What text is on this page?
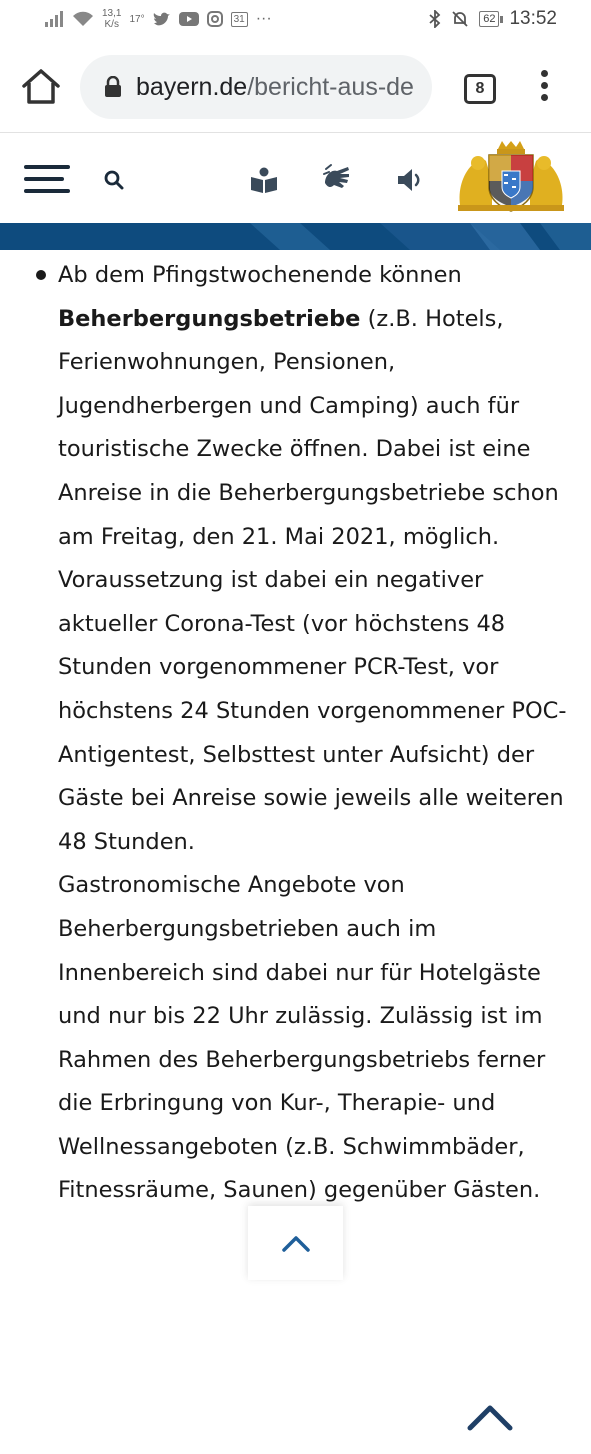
13,1
K/s 17°	31 ···	62 13:52
bayern.de/bericht-aus-de	8

Ab dem Pfingstwochenende können Beherbergungsbetriebe (z.B. Hotels, Ferienwohnungen, Pensionen, Jugendherbergen und Camping) auch für touristische Zwecke öffnen. Dabei ist eine Anreise in die Beherbergungsbetriebe schon am Freitag, den 21. Mai 2021, möglich.

Voraussetzung ist dabei ein negativer aktueller Corona-Test (vor höchstens 48 Stunden vorgenommener PCR-Test, vor höchstens 24 Stunden vorgenommener POC-Antigentest, Selbsttest unter Aufsicht) der Gäste bei Anreise sowie jeweils alle weiteren 48 Stunden.

Gastronomische Angebote von Beherbergungsbetrieben auch im Innenbereich sind dabei nur für Hotelgäste und nur bis 22 Uhr zulässig. Zulässig ist im Rahmen des Beherbergungsbetriebs ferner die Erbringung von Kur-, Therapie- und Wellnessangeboten (z.B. Schwimmbäder, Fitnessräume, Saunen) gegenüber Gästen.
